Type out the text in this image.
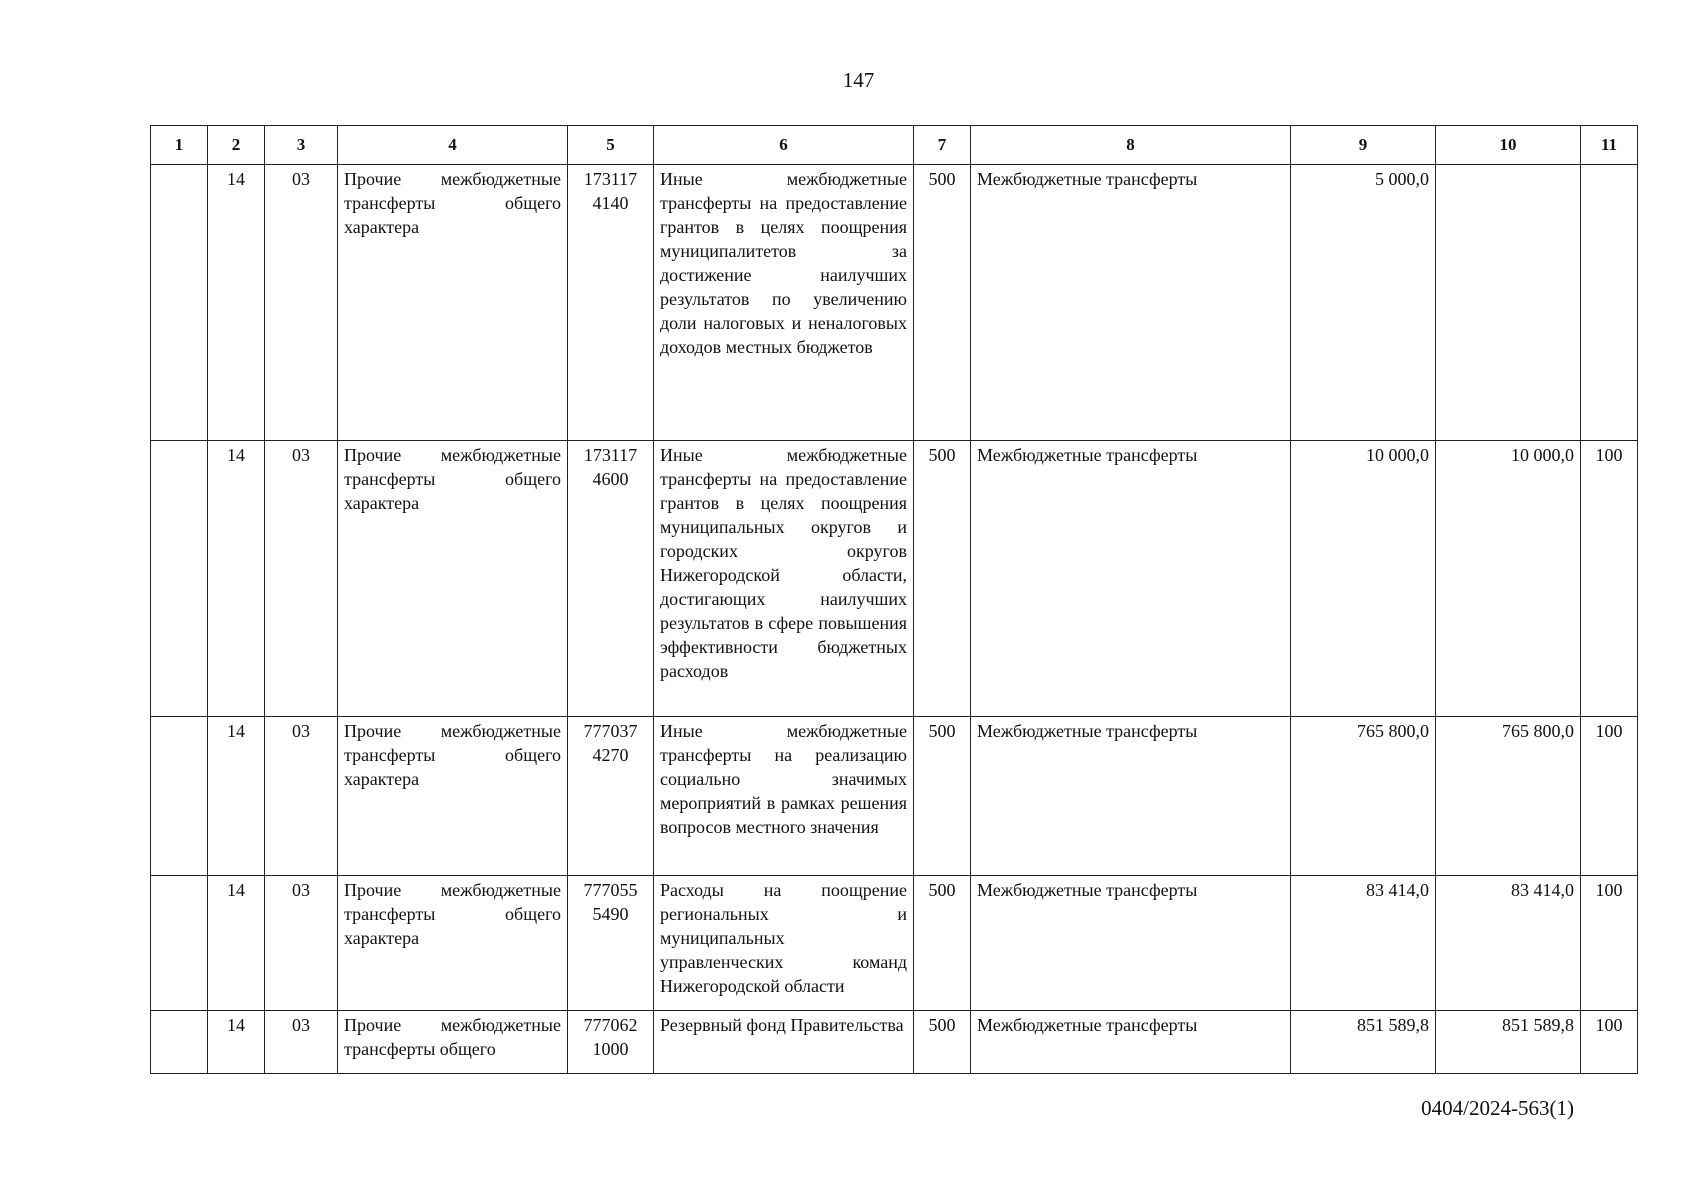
147
1	2	3	4	5	6	7	8	9	10	11
	14	03	Прочие межбюджетные трансферты общего характера	173117 4140	Иные межбюджетные трансферты на предоставление грантов в целях поощрения муниципалитетов за достижение наилучших результатов по увеличению доли налоговых и неналоговых доходов местных бюджетов	500	Межбюджетные трансферты	5 000,0		
	14	03	Прочие межбюджетные трансферты общего характера	173117 4600	Иные межбюджетные трансферты на предоставление грантов в целях поощрения муниципальных округов и городских округов Нижегородской области, достигающих наилучших результатов в сфере повышения эффективности бюджетных расходов	500	Межбюджетные трансферты	10 000,0	10 000,0	100
	14	03	Прочие межбюджетные трансферты общего характера	777037 4270	Иные межбюджетные трансферты на реализацию социально значимых мероприятий в рамках решения вопросов местного значения	500	Межбюджетные трансферты	765 800,0	765 800,0	100
	14	03	Прочие межбюджетные трансферты общего характера	777055 5490	Расходы на поощрение региональных и муниципальных управленческих команд Нижегородской области	500	Межбюджетные трансферты	83 414,0	83 414,0	100
	14	03	Прочие межбюджетные трансферты общего	777062 1000	Резервный фонд Правительства	500	Межбюджетные трансферты	851 589,8	851 589,8	100
0404/2024-563(1)
